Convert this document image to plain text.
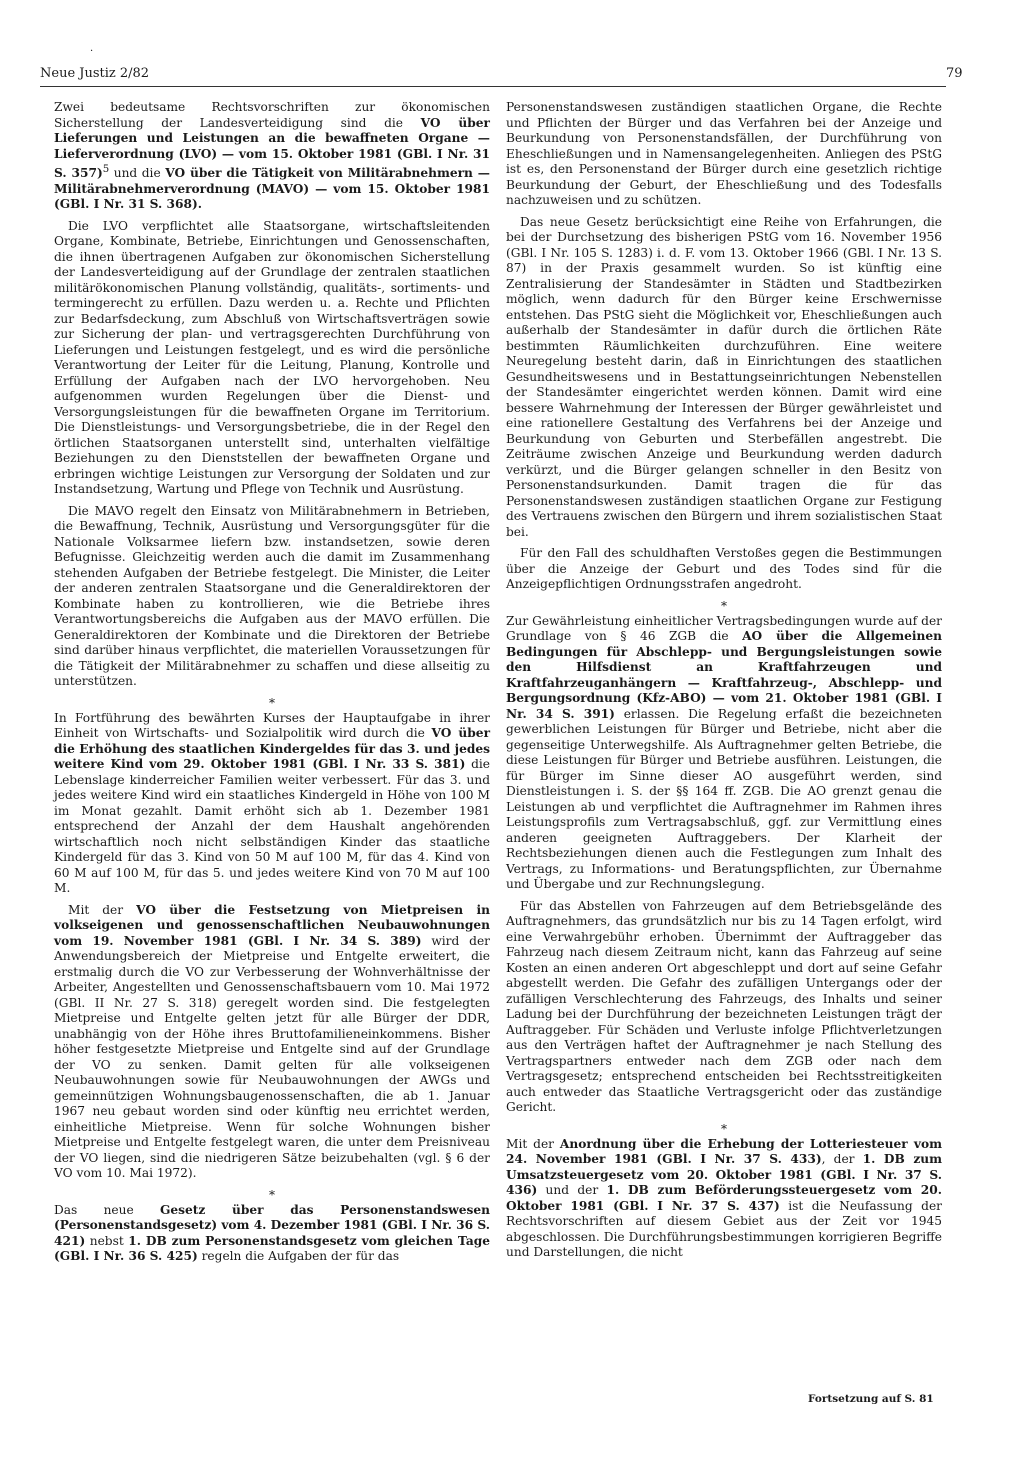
·
Neue Justiz 2/82	79

Zwei bedeutsame Rechtsvorschriften zur ökonomischen Sicherstellung der Landesverteidigung sind die VO über Lieferungen und Leistungen an die bewaffneten Organe — Lieferverordnung (LVO) — vom 15. Oktober 1981 (GBl. I Nr. 31 S. 357)$^5$ und die VO über die Tätigkeit von Militärabnehmern — Militärabnehmerverordnung (MAVO) — vom 15. Oktober 1981 (GBl. I Nr. 31 S. 368).

Die LVO verpflichtet alle Staatsorgane, wirtschaftsleitenden Organe, Kombinate, Betriebe, Einrichtungen und Genossenschaften, die ihnen übertragenen Aufgaben zur ökonomischen Sicherstellung der Landesverteidigung auf der Grundlage der zentralen staatlichen militärökonomischen Planung vollständig, qualitäts-, sortiments- und termingerecht zu erfüllen. Dazu werden u. a. Rechte und Pflichten zur Bedarfsdeckung, zum Abschluß von Wirtschaftsverträgen sowie zur Sicherung der plan- und vertragsgerechten Durchführung von Lieferungen und Leistungen festgelegt, und es wird die persönliche Verantwortung der Leiter für die Leitung, Planung, Kontrolle und Erfüllung der Aufgaben nach der LVO hervorgehoben. Neu aufgenommen wurden Regelungen über die Dienst- und Versorgungsleistungen für die bewaffneten Organe im Territorium. Die Dienstleistungs- und Versorgungsbetriebe, die in der Regel den örtlichen Staatsorganen unterstellt sind, unterhalten vielfältige Beziehungen zu den Dienststellen der bewaffneten Organe und erbringen wichtige Leistungen zur Versorgung der Soldaten und zur Instandsetzung, Wartung und Pflege von Technik und Ausrüstung.

Die MAVO regelt den Einsatz von Militärabnehmern in Betrieben, die Bewaffnung, Technik, Ausrüstung und Versorgungsgüter für die Nationale Volksarmee liefern bzw. instandsetzen, sowie deren Befugnisse. Gleichzeitig werden auch die damit im Zusammenhang stehenden Aufgaben der Betriebe festgelegt. Die Minister, die Leiter der anderen zentralen Staatsorgane und die Generaldirektoren der Kombinate haben zu kontrollieren, wie die Betriebe ihres Verantwortungsbereichs die Aufgaben aus der MAVO erfüllen. Die Generaldirektoren der Kombinate und die Direktoren der Betriebe sind darüber hinaus verpflichtet, die materiellen Voraussetzungen für die Tätigkeit der Militärabnehmer zu schaffen und diese allseitig zu unterstützen.

*

In Fortführung des bewährten Kurses der Hauptaufgabe in ihrer Einheit von Wirtschafts- und Sozialpolitik wird durch die VO über die Erhöhung des staatlichen Kindergeldes für das 3. und jedes weitere Kind vom 29. Oktober 1981 (GBl. I Nr. 33 S. 381) die Lebenslage kinderreicher Familien weiter verbessert. Für das 3. und jedes weitere Kind wird ein staatliches Kindergeld in Höhe von 100 M im Monat gezahlt. Damit erhöht sich ab 1. Dezember 1981 entsprechend der Anzahl der dem Haushalt angehörenden wirtschaftlich noch nicht selbständigen Kinder das staatliche Kindergeld für das 3. Kind von 50 M auf 100 M, für das 4. Kind von 60 M auf 100 M, für das 5. und jedes weitere Kind von 70 M auf 100 M.

Mit der VO über die Festsetzung von Mietpreisen in volkseigenen und genossenschaftlichen Neubauwohnungen vom 19. November 1981 (GBl. I Nr. 34 S. 389) wird der Anwendungsbereich der Mietpreise und Entgelte erweitert, die erstmalig durch die VO zur Verbesserung der Wohnverhältnisse der Arbeiter, Angestellten und Genossenschaftsbauern vom 10. Mai 1972 (GBl. II Nr. 27 S. 318) geregelt worden sind. Die festgelegten Mietpreise und Entgelte gelten jetzt für alle Bürger der DDR, unabhängig von der Höhe ihres Bruttofamilieneinkommens. Bisher höher festgesetzte Mietpreise und Entgelte sind auf der Grundlage der VO zu senken. Damit gelten für alle volkseigenen Neubauwohnungen sowie für Neubauwohnungen der AWGs und gemeinnützigen Wohnungsbaugenossenschaften, die ab 1. Januar 1967 neu gebaut worden sind oder künftig neu errichtet werden, einheitliche Mietpreise. Wenn für solche Wohnungen bisher Mietpreise und Entgelte festgelegt waren, die unter dem Preisniveau der VO liegen, sind die niedrigeren Sätze beizubehalten (vgl. § 6 der VO vom 10. Mai 1972).

*

Das neue Gesetz über das Personenstandswesen (Personenstandsgesetz) vom 4. Dezember 1981 (GBl. I Nr. 36 S. 421) nebst 1. DB zum Personenstandsgesetz vom gleichen Tage (GBl. I Nr. 36 S. 425) regeln die Aufgaben der für das

Personenstandswesen zuständigen staatlichen Organe, die Rechte und Pflichten der Bürger und das Verfahren bei der Anzeige und Beurkundung von Personenstandsfällen, der Durchführung von Eheschließungen und in Namensangelegenheiten. Anliegen des PStG ist es, den Personenstand der Bürger durch eine gesetzlich richtige Beurkundung der Geburt, der Eheschließung und des Todesfalls nachzuweisen und zu schützen.

Das neue Gesetz berücksichtigt eine Reihe von Erfahrungen, die bei der Durchsetzung des bisherigen PStG vom 16. November 1956 (GBl. I Nr. 105 S. 1283) i. d. F. vom 13. Oktober 1966 (GBl. I Nr. 13 S. 87) in der Praxis gesammelt wurden. So ist künftig eine Zentralisierung der Standesämter in Städten und Stadtbezirken möglich, wenn dadurch für den Bürger keine Erschwernisse entstehen. Das PStG sieht die Möglichkeit vor, Eheschließungen auch außerhalb der Standesämter in dafür durch die örtlichen Räte bestimmten Räumlichkeiten durchzuführen. Eine weitere Neuregelung besteht darin, daß in Einrichtungen des staatlichen Gesundheitswesens und in Bestattungseinrichtungen Nebenstellen der Standesämter eingerichtet werden können. Damit wird eine bessere Wahrnehmung der Interessen der Bürger gewährleistet und eine rationellere Gestaltung des Verfahrens bei der Anzeige und Beurkundung von Geburten und Sterbefällen angestrebt. Die Zeiträume zwischen Anzeige und Beurkundung werden dadurch verkürzt, und die Bürger gelangen schneller in den Besitz von Personenstandsurkunden. Damit tragen die für das Personenstandswesen zuständigen staatlichen Organe zur Festigung des Vertrauens zwischen den Bürgern und ihrem sozialistischen Staat bei.

Für den Fall des schuldhaften Verstoßes gegen die Bestimmungen über die Anzeige der Geburt und des Todes sind für die Anzeigepflichtigen Ordnungsstrafen angedroht.

*

Zur Gewährleistung einheitlicher Vertragsbedingungen wurde auf der Grundlage von § 46 ZGB die AO über die Allgemeinen Bedingungen für Abschlepp- und Bergungsleistungen sowie den Hilfsdienst an Kraftfahrzeugen und Kraftfahrzeuganhängern — Kraftfahrzeug-, Abschlepp- und Bergungsordnung (Kfz-ABO) — vom 21. Oktober 1981 (GBl. I Nr. 34 S. 391) erlassen. Die Regelung erfaßt die bezeichneten gewerblichen Leistungen für Bürger und Betriebe, nicht aber die gegenseitige Unterwegshilfe. Als Auftragnehmer gelten Betriebe, die diese Leistungen für Bürger und Betriebe ausführen. Leistungen, die für Bürger im Sinne dieser AO ausgeführt werden, sind Dienstleistungen i. S. der §§ 164 ff. ZGB. Die AO grenzt genau die Leistungen ab und verpflichtet die Auftragnehmer im Rahmen ihres Leistungsprofils zum Vertragsabschluß, ggf. zur Vermittlung eines anderen geeigneten Auftraggebers. Der Klarheit der Rechtsbeziehungen dienen auch die Festlegungen zum Inhalt des Vertrags, zu Informations- und Beratungspflichten, zur Übernahme und Übergabe und zur Rechnungslegung.

Für das Abstellen von Fahrzeugen auf dem Betriebsgelände des Auftragnehmers, das grundsätzlich nur bis zu 14 Tagen erfolgt, wird eine Verwahrgebühr erhoben. Übernimmt der Auftraggeber das Fahrzeug nach diesem Zeitraum nicht, kann das Fahrzeug auf seine Kosten an einen anderen Ort abgeschleppt und dort auf seine Gefahr abgestellt werden. Die Gefahr des zufälligen Untergangs oder der zufälligen Verschlechterung des Fahrzeugs, des Inhalts und seiner Ladung bei der Durchführung der bezeichneten Leistungen trägt der Auftraggeber. Für Schäden und Verluste infolge Pflichtverletzungen aus den Verträgen haftet der Auftragnehmer je nach Stellung des Vertragspartners entweder nach dem ZGB oder nach dem Vertragsgesetz; entsprechend entscheiden bei Rechtsstreitigkeiten auch entweder das Staatliche Vertragsgericht oder das zuständige Gericht.

*

Mit der Anordnung über die Erhebung der Lotteriesteuer vom 24. November 1981 (GBl. I Nr. 37 S. 433), der 1. DB zum Umsatzsteuergesetz vom 20. Oktober 1981 (GBl. I Nr. 37 S. 436) und der 1. DB zum Beförderungssteuergesetz vom 20. Oktober 1981 (GBl. I Nr. 37 S. 437) ist die Neufassung der Rechtsvorschriften auf diesem Gebiet aus der Zeit vor 1945 abgeschlossen. Die Durchführungsbestimmungen korrigieren Begriffe und Darstellungen, die nicht

Fortsetzung auf S. 81
